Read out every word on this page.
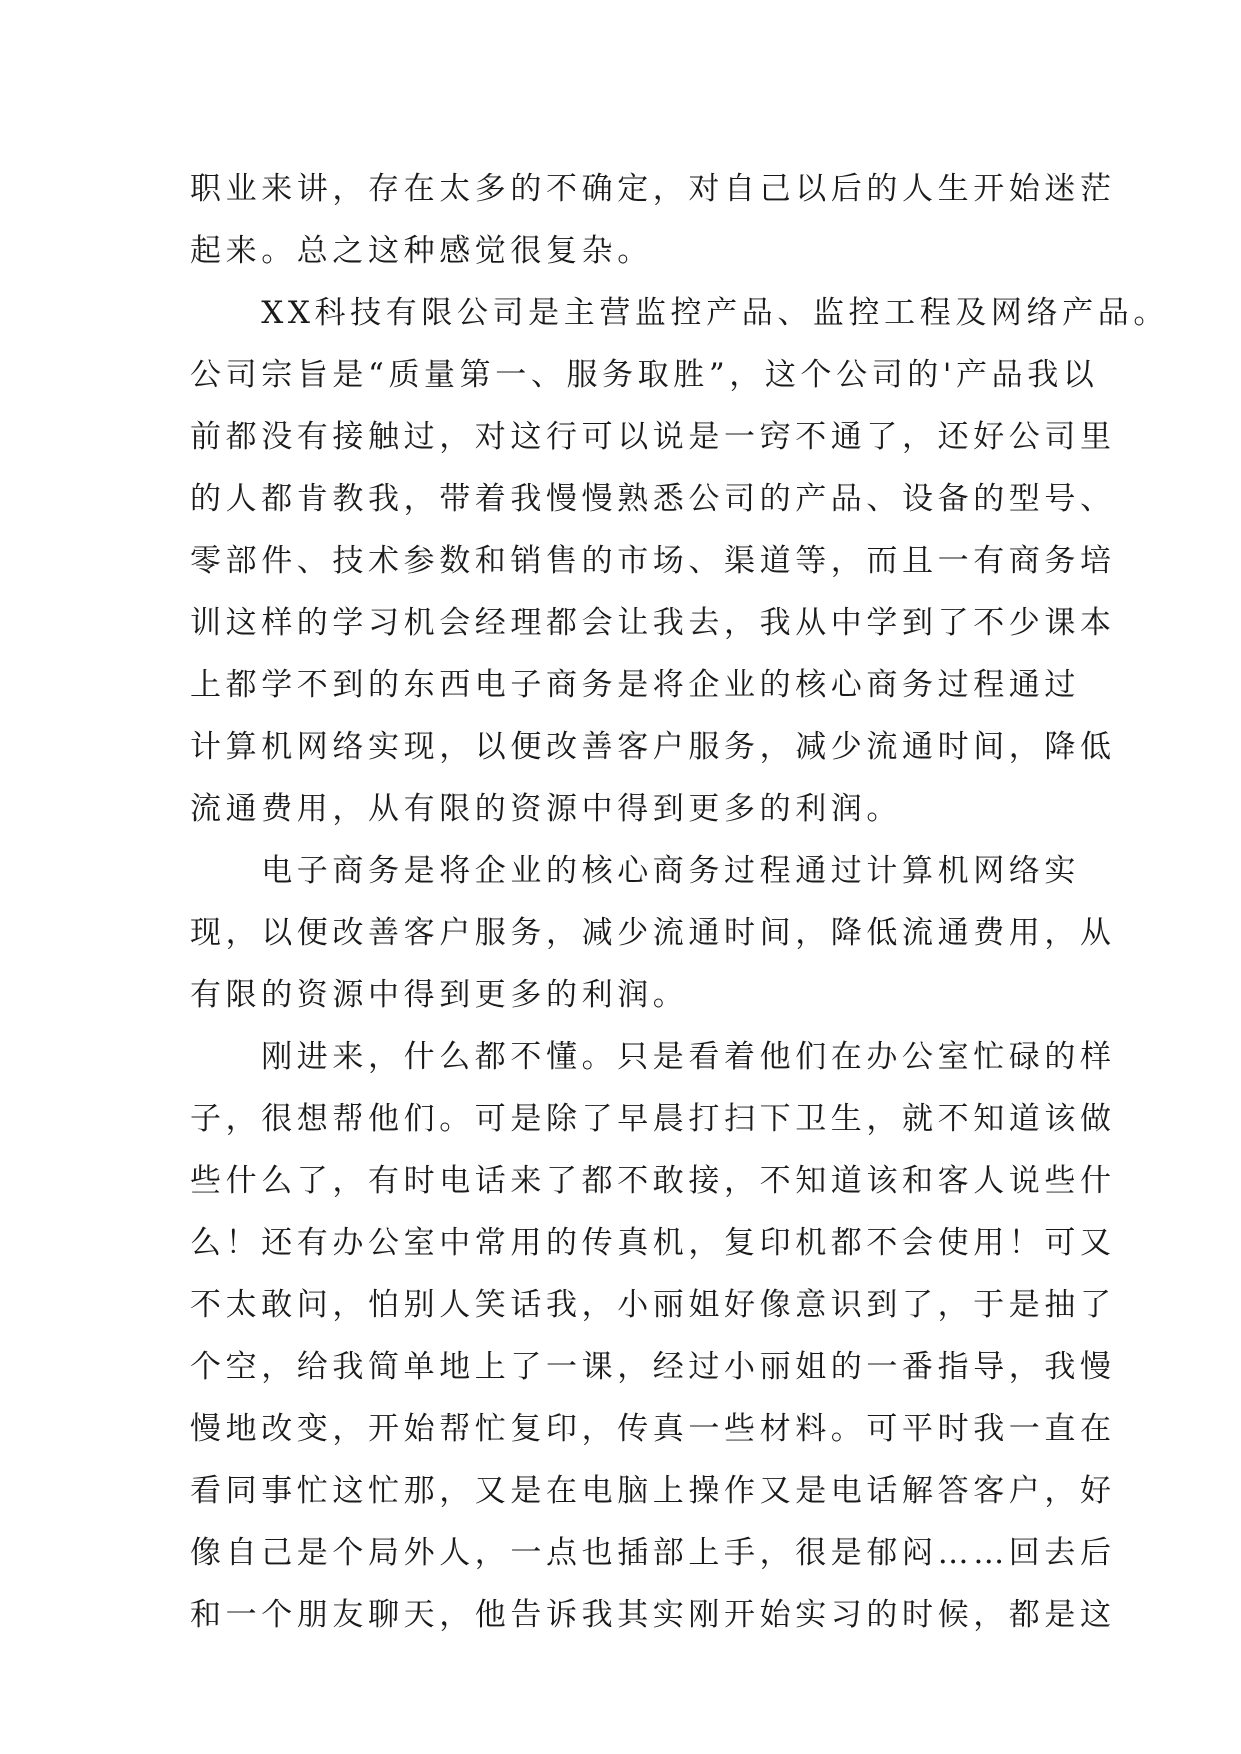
职业来讲，存在太多的不确定，对自己以后的人生开始迷茫
起来。总之这种感觉很复杂。
　　XX科技有限公司是主营监控产品、监控工程及网络产品。
公司宗旨是“质量第一、服务取胜”，这个公司的'产品我以
前都没有接触过，对这行可以说是一窍不通了，还好公司里
的人都肯教我，带着我慢慢熟悉公司的产品、设备的型号、
零部件、技术参数和销售的市场、渠道等，而且一有商务培
训这样的学习机会经理都会让我去，我从中学到了不少课本
上都学不到的东西电子商务是将企业的核心商务过程通过
计算机网络实现，以便改善客户服务，减少流通时间，降低
流通费用，从有限的资源中得到更多的利润。
　　电子商务是将企业的核心商务过程通过计算机网络实
现，以便改善客户服务，减少流通时间，降低流通费用，从
有限的资源中得到更多的利润。
　　刚进来，什么都不懂。只是看着他们在办公室忙碌的样
子，很想帮他们。可是除了早晨打扫下卫生，就不知道该做
些什么了，有时电话来了都不敢接，不知道该和客人说些什
么！还有办公室中常用的传真机，复印机都不会使用！可又
不太敢问，怕别人笑话我，小丽姐好像意识到了，于是抽了
个空，给我简单地上了一课，经过小丽姐的一番指导，我慢
慢地改变，开始帮忙复印，传真一些材料。可平时我一直在
看同事忙这忙那，又是在电脑上操作又是电话解答客户，好
像自己是个局外人，一点也插部上手，很是郁闷……回去后
和一个朋友聊天，他告诉我其实刚开始实习的时候，都是这
